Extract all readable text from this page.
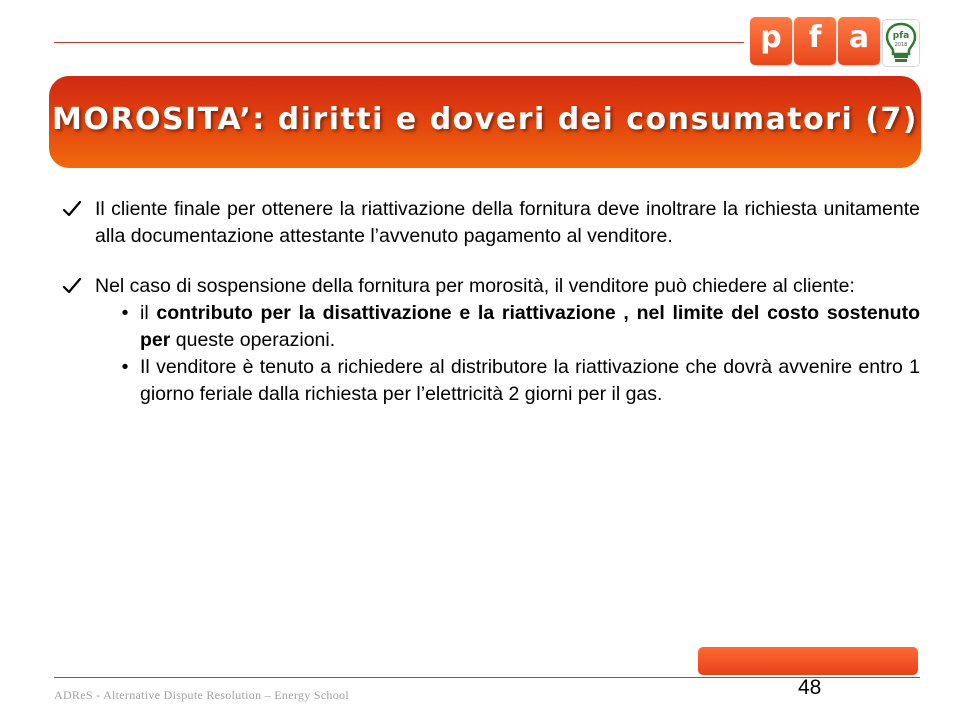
p f a	pfa
2018
MOROSITA’: diritti e doveri dei consumatori (7)
Il cliente finale per ottenere la riattivazione della fornitura deve inoltrare la richiesta unitamente alla documentazione attestante l’avvenuto pagamento al venditore.
Nel caso di sospensione della fornitura per morosità, il venditore può chiedere al cliente:
• il contributo per la disattivazione e la riattivazione , nel limite del costo sostenuto per queste operazioni.
• Il venditore è tenuto a richiedere al distributore la riattivazione che dovrà avvenire entro 1 giorno feriale dalla richiesta per l’elettricità 2 giorni per il gas.
ADReS - Alternative Dispute Resolution – Energy School	48
